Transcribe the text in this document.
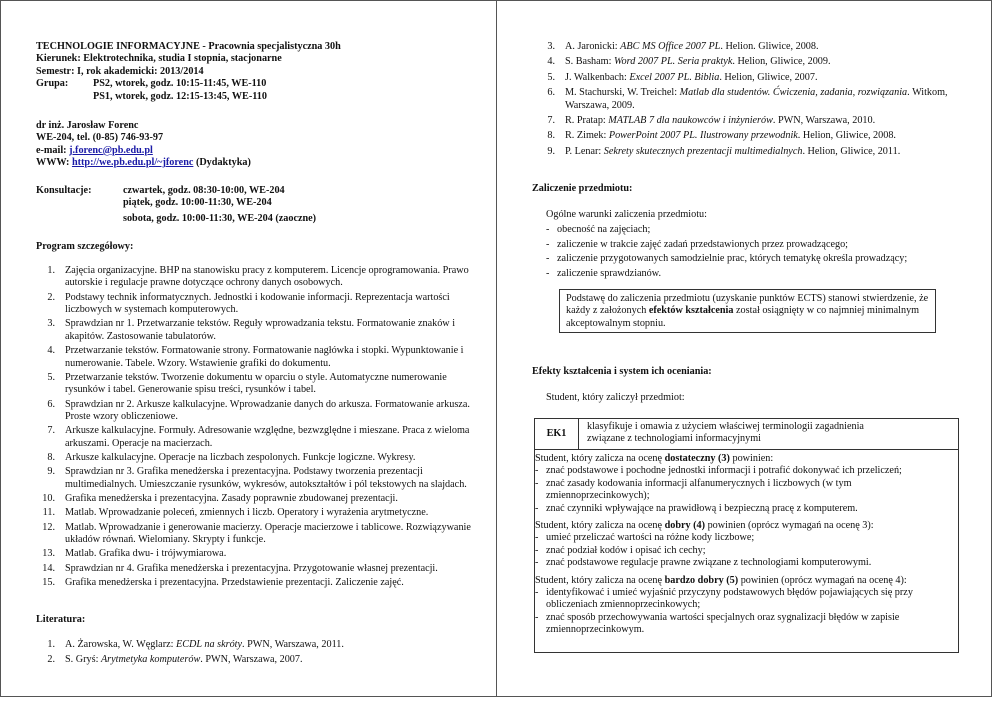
TECHNOLOGIE INFORMACYJNE - Pracownia specjalistyczna 30h
Kierunek: Elektrotechnika, studia I stopnia, stacjonarne
Semestr: I, rok akademicki: 2013/2014
Grupa: PS2, wtorek, godz. 10:15-11:45, WE-110
PS1, wtorek, godz. 12:15-13:45, WE-110
dr inż. Jarosław Forenc
WE-204, tel. (0-85) 746-93-97
e-mail: j.forenc@pb.edu.pl
WWW: http://we.pb.edu.pl/~jforenc (Dydaktyka)
Konsultacje:	czwartek, godz. 08:30-10:00, WE-204
piątek, godz. 10:00-11:30, WE-204
sobota, godz. 10:00-11:30, WE-204 (zaoczne)
Program szczegółowy:
1. Zajęcia organizacyjne. BHP na stanowisku pracy z komputerem. Licencje oprogramowania. Prawo autorskie i regulacje prawne dotyczące ochrony danych osobowych.
2. Podstawy technik informatycznych. Jednostki i kodowanie informacji. Reprezentacja wartości liczbowych w systemach komputerowych.
3. Sprawdzian nr 1. Przetwarzanie tekstów. Reguły wprowadzania tekstu. Formatowanie znaków i akapitów. Zastosowanie tabulatorów.
4. Przetwarzanie tekstów. Formatowanie strony. Formatowanie nagłówka i stopki. Wypunktowanie i numerowanie. Tabele. Wzory. Wstawienie grafiki do dokumentu.
5. Przetwarzanie tekstów. Tworzenie dokumentu w oparciu o style. Automatyczne numerowanie rysunków i tabel. Generowanie spisu treści, rysunków i tabel.
6. Sprawdzian nr 2. Arkusze kalkulacyjne. Wprowadzanie danych do arkusza. Formatowanie arkusza. Proste wzory obliczeniowe.
7. Arkusze kalkulacyjne. Formuły. Adresowanie względne, bezwzględne i mieszane. Praca z wieloma arkuszami. Operacje na macierzach.
8. Arkusze kalkulacyjne. Operacje na liczbach zespolonych. Funkcje logiczne. Wykresy.
9. Sprawdzian nr 3. Grafika menedżerska i prezentacyjna. Podstawy tworzenia prezentacji multimedialnych. Umieszczanie rysunków, wykresów, autokształtów i pól tekstowych na slajdach.
10. Grafika menedżerska i prezentacyjna. Zasady poprawnie zbudowanej prezentacji.
11. Matlab. Wprowadzanie poleceń, zmiennych i liczb. Operatory i wyrażenia arytmetyczne.
12. Matlab. Wprowadzanie i generowanie macierzy. Operacje macierzowe i tablicowe. Rozwiązywanie układów równań. Wielomiany. Skrypty i funkcje.
13. Matlab. Grafika dwu- i trójwymiarowa.
14. Sprawdzian nr 4. Grafika menedżerska i prezentacyjna. Przygotowanie własnej prezentacji.
15. Grafika menedżerska i prezentacyjna. Przedstawienie prezentacji. Zaliczenie zajęć.
Literatura:
1. A. Żarowska, W. Węglarz: ECDL na skróty. PWN, Warszawa, 2011.
2. S. Gryś: Arytmetyka komputerów. PWN, Warszawa, 2007.
3. A. Jaronicki: ABC MS Office 2007 PL. Helion. Gliwice, 2008.
4. S. Basham: Word 2007 PL. Seria praktyk. Helion, Gliwice, 2009.
5. J. Walkenbach: Excel 2007 PL. Biblia. Helion, Gliwice, 2007.
6. M. Stachurski, W. Treichel: Matlab dla studentów. Ćwiczenia, zadania, rozwiązania. Witkom, Warszawa, 2009.
7. R. Pratap: MATLAB 7 dla naukowców i inżynierów. PWN, Warszawa, 2010.
8. R. Zimek: PowerPoint 2007 PL. Ilustrowany przewodnik. Helion, Gliwice, 2008.
9. P. Lenar: Sekrety skutecznych prezentacji multimedialnych. Helion, Gliwice, 2011.
Zaliczenie przedmiotu:
Ogólne warunki zaliczenia przedmiotu:
- obecność na zajęciach;
- zaliczenie w trakcie zajęć zadań przedstawionych przez prowadzącego;
- zaliczenie przygotowanych samodzielnie prac, których tematykę określa prowadzący;
- zaliczenie sprawdzianów.
Podstawę do zaliczenia przedmiotu (uzyskanie punktów ECTS) stanowi stwierdzenie, że każdy z założonych efektów kształcenia został osiągnięty w co najmniej minimalnym akceptowalnym stopniu.
Efekty kształcenia i system ich oceniania:
Student, który zaliczył przedmiot:
EK1
klasyfikuje i omawia z użyciem właściwej terminologii zagadnienia związane z technologiami informacyjnymi
Student, który zalicza na ocenę dostateczny (3) powinien:
- znać podstawowe i pochodne jednostki informacji i potrafić dokonywać ich przeliczeń;
- znać zasady kodowania informacji alfanumerycznych i liczbowych (w tym zmiennoprzecinkowych);
- znać czynniki wpływające na prawidłową i bezpieczną pracę z komputerem.
Student, który zalicza na ocenę dobry (4) powinien (oprócz wymagań na ocenę 3):
- umieć przeliczać wartości na różne kody liczbowe;
- znać podział kodów i opisać ich cechy;
- znać podstawowe regulacje prawne związane z technologiami komputerowymi.
Student, który zalicza na ocenę bardzo dobry (5) powinien (oprócz wymagań na ocenę 4):
- identyfikować i umieć wyjaśnić przyczyny podstawowych błędów pojawiających się przy obliczeniach zmiennoprzecinkowych;
- znać sposób przechowywania wartości specjalnych oraz sygnalizacji błędów w zapisie zmiennoprzecinkowym.
